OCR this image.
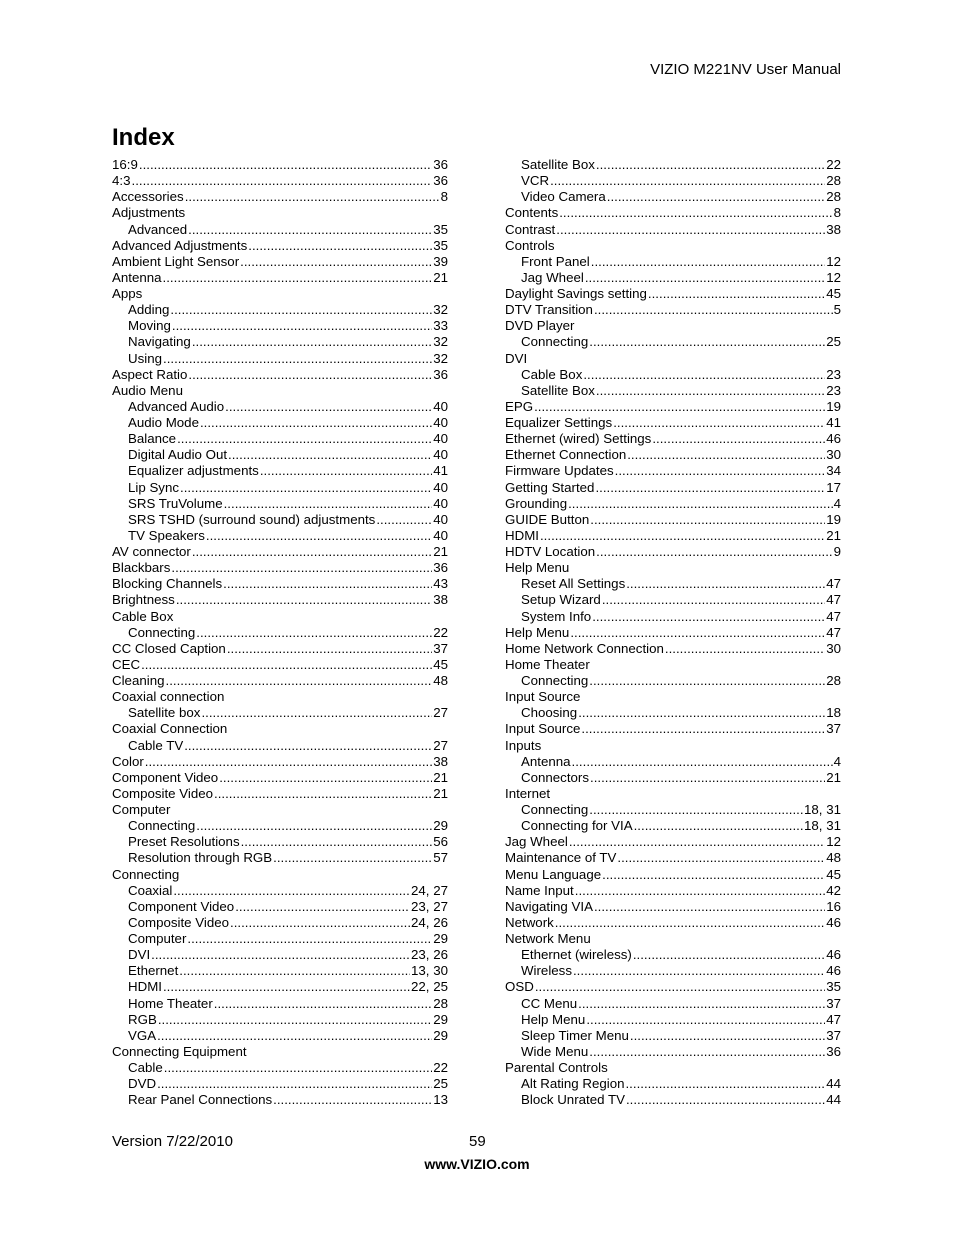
VIZIO M221NV User Manual
Index
16:9 .....	36
4:3 .....	36
Accessories .....	8
Adjustments
Advanced .....	35
Advanced Adjustments .....	35
Ambient Light Sensor .....	39
Antenna .....	21
Apps
Adding .....	32
Moving .....	33
Navigating .....	32
Using .....	32
Aspect Ratio .....	36
Audio Menu
Advanced Audio .....	40
Audio Mode .....	40
Balance .....	40
Digital Audio Out .....	40
Equalizer adjustments .....	41
Lip Sync .....	40
SRS TruVolume .....	40
SRS TSHD (surround sound) adjustments .....	40
TV Speakers .....	40
AV connector .....	21
Blackbars .....	36
Blocking Channels .....	43
Brightness .....	38
Cable Box
Connecting .....	22
CC Closed Caption .....	37
CEC .....	45
Cleaning .....	48
Coaxial connection
Satellite box .....	27
Coaxial Connection
Cable TV .....	27
Color .....	38
Component Video .....	21
Composite Video .....	21
Computer
Connecting .....	29
Preset Resolutions .....	56
Resolution through RGB .....	57
Connecting
Coaxial .....	24, 27
Component Video .....	23, 27
Composite Video .....	24, 26
Computer .....	29
DVI .....	23, 26
Ethernet .....	13, 30
HDMI .....	22, 25
Home Theater .....	28
RGB .....	29
VGA .....	29
Connecting Equipment
Cable .....	22
DVD .....	25
Rear Panel Connections .....	13
Satellite Box .....	22
VCR .....	28
Video Camera .....	28
Contents .....	8
Contrast .....	38
Controls
Front Panel .....	12
Jag Wheel .....	12
Daylight Savings setting .....	45
DTV Transition .....	5
DVD Player
Connecting .....	25
DVI
Cable Box .....	23
Satellite Box .....	23
EPG .....	19
Equalizer Settings .....	41
Ethernet (wired) Settings .....	46
Ethernet Connection .....	30
Firmware Updates .....	34
Getting Started .....	17
Grounding .....	4
GUIDE Button .....	19
HDMI .....	21
HDTV Location .....	9
Help Menu
Reset All Settings .....	47
Setup Wizard .....	47
System Info .....	47
Help Menu .....	47
Home Network Connection .....	30
Home Theater
Connecting .....	28
Input Source
Choosing .....	18
Input Source .....	37
Inputs
Antenna .....	4
Connectors .....	21
Internet
Connecting .....	18, 31
Connecting for VIA .....	18, 31
Jag Wheel .....	12
Maintenance of TV .....	48
Menu Language .....	45
Name Input .....	42
Navigating VIA .....	16
Network .....	46
Network Menu
Ethernet (wireless) .....	46
Wireless .....	46
OSD .....	35
CC Menu .....	37
Help Menu .....	47
Sleep Timer Menu .....	37
Wide Menu .....	36
Parental Controls
Alt Rating Region .....	44
Block Unrated TV .....	44
Version 7/22/2010	59
www.VIZIO.com
